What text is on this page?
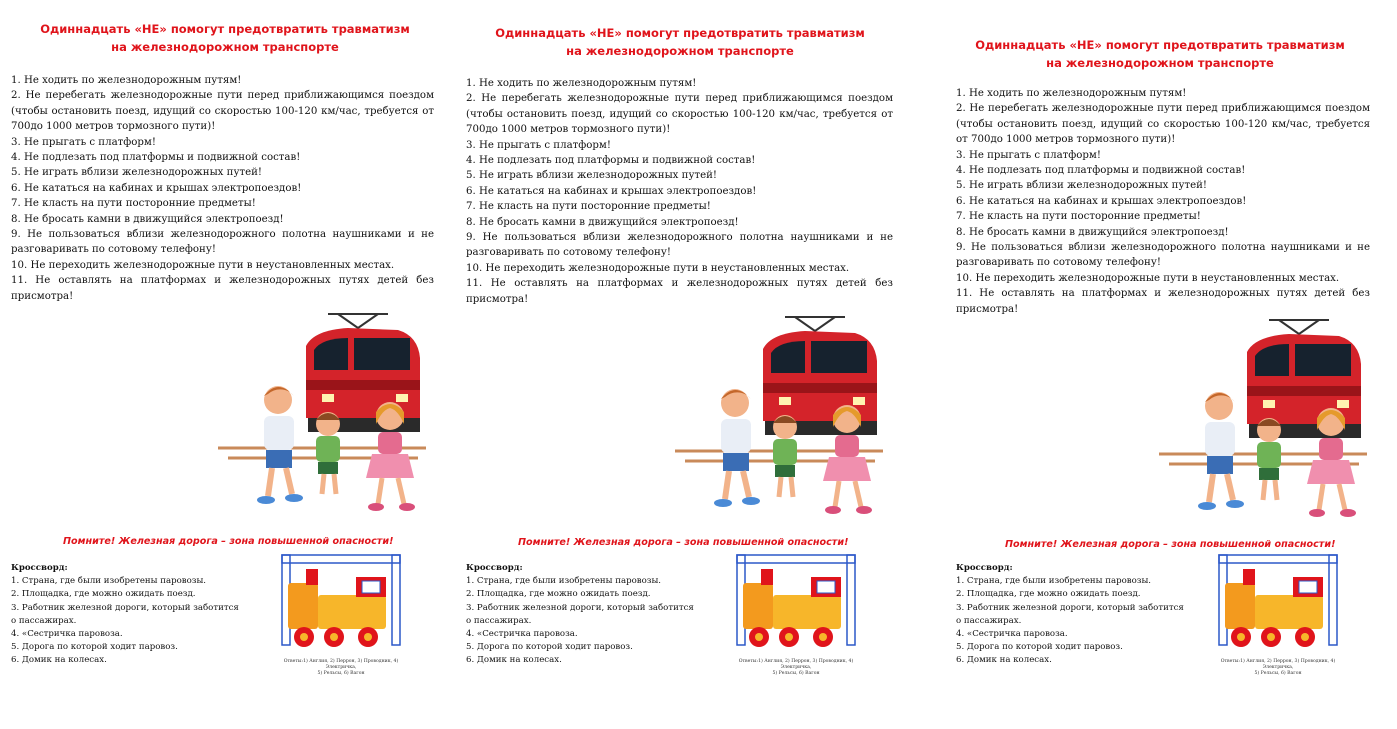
Одиннадцать «НЕ» помогут предотвратить травматизм
на железнодорожном транспорте
1. Не ходить по железнодорожным путям!
2. Не перебегать железнодорожные пути перед приближающимся поездом (чтобы остановить поезд, идущий со скоростью 100-120 км/час, требуется от 700до 1000 метров тормозного пути)!
3. Не прыгать с платформ!
4. Не подлезать под платформы и подвижной состав!
5. Не играть вблизи железнодорожных путей!
6. Не кататься на кабинах и крышах электропоездов!
7. Не класть на пути посторонние предметы!
8. Не бросать камни в движущийся электропоезд!
9. Не пользоваться вблизи железнодорожного полотна наушниками и не разговаривать по сотовому телефону!
10. Не переходить железнодорожные пути в неустановленных местах.
11. Не оставлять на платформах и железнодорожных путях детей без присмотра!
Помните! Железная дорога – зона повышенной опасности!
Кроссворд:
1. Страна, где были изобретены паровозы.
2. Площадка, где можно ожидать поезд.
3. Работник железной дороги, который заботится
о пассажирах.
4. «Сестричка паровоза.
5. Дорога по которой ходит паровоз.
6. Домик на колесах.	Ответы:1) Англия, 2) Перрон, 3) Проводник, 4) Электричка,
5) Рельсы, 6) Вагон
Одиннадцать «НЕ» помогут предотвратить травматизм
на железнодорожном транспорте
1. Не ходить по железнодорожным путям!
2. Не перебегать железнодорожные пути перед приближающимся поездом (чтобы остановить поезд, идущий со скоростью 100-120 км/час, требуется от 700до 1000 метров тормозного пути)!
3. Не прыгать с платформ!
4. Не подлезать под платформы и подвижной состав!
5. Не играть вблизи железнодорожных путей!
6. Не кататься на кабинах и крышах электропоездов!
7. Не класть на пути посторонние предметы!
8. Не бросать камни в движущийся электропоезд!
9. Не пользоваться вблизи железнодорожного полотна наушниками и не разговаривать по сотовому телефону!
10. Не переходить железнодорожные пути в неустановленных местах.
11. Не оставлять на платформах и железнодорожных путях детей без присмотра!
Помните! Железная дорога – зона повышенной опасности!
Кроссворд:
1. Страна, где были изобретены паровозы.
2. Площадка, где можно ожидать поезд.
3. Работник железной дороги, который заботится
о пассажирах.
4. «Сестричка паровоза.
5. Дорога по которой ходит паровоз.
6. Домик на колесах.	Ответы:1) Англия, 2) Перрон, 3) Проводник, 4) Электричка,
5) Рельсы, 6) Вагон
Одиннадцать «НЕ» помогут предотвратить травматизм
на железнодорожном транспорте
1. Не ходить по железнодорожным путям!
2. Не перебегать железнодорожные пути перед приближающимся поездом (чтобы остановить поезд, идущий со скоростью 100-120 км/час, требуется от 700до 1000 метров тормозного пути)!
3. Не прыгать с платформ!
4. Не подлезать под платформы и подвижной состав!
5. Не играть вблизи железнодорожных путей!
6. Не кататься на кабинах и крышах электропоездов!
7. Не класть на пути посторонние предметы!
8. Не бросать камни в движущийся электропоезд!
9. Не пользоваться вблизи железнодорожного полотна наушниками и не разговаривать по сотовому телефону!
10. Не переходить железнодорожные пути в неустановленных местах.
11. Не оставлять на платформах и железнодорожных путях детей без присмотра!
Помните! Железная дорога – зона повышенной опасности!
Кроссворд:
1. Страна, где были изобретены паровозы.
2. Площадка, где можно ожидать поезд.
3. Работник железной дороги, который заботится
о пассажирах.
4. «Сестричка паровоза.
5. Дорога по которой ходит паровоз.
6. Домик на колесах.	Ответы:1) Англия, 2) Перрон, 3) Проводник, 4) Электричка,
5) Рельсы, 6) Вагон
